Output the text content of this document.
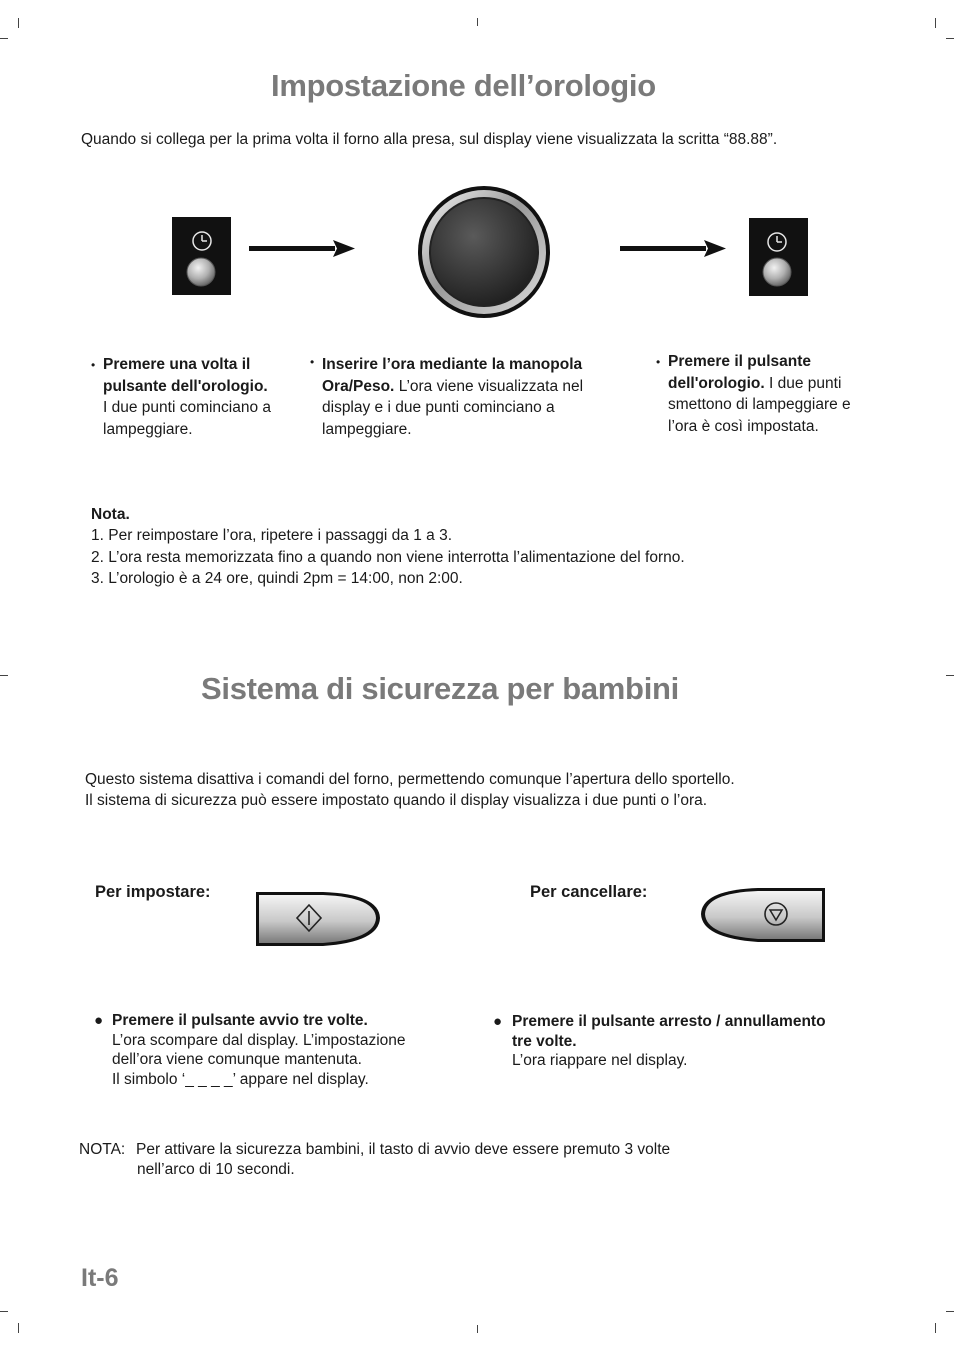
Impostazione dell’orologio
Quando si collega per la prima volta il forno alla presa, sul display viene visualizzata la scritta “88.88”.
• Premere una volta il pulsante dell'orologio.
I due punti cominciano a lampeggiare.
• Inserire l’ora mediante la manopola Ora/Peso. L’ora viene visualizzata nel display e i due punti cominciano a lampeggiare.
• Premere il pulsante dell'orologio. I due punti smettono di lampeggiare e l’ora è così impostata.
Nota.
1. Per reimpostare l’ora, ripetere i passaggi da 1 a 3.
2. L’ora resta memorizzata fino a quando non viene interrotta l’alimentazione del forno.
3. L’orologio è a 24 ore, quindi 2pm = 14:00, non 2:00.
Sistema di sicurezza per bambini
Questo sistema disattiva i comandi del forno, permettendo comunque l’apertura dello sportello.
Il sistema di sicurezza può essere impostato quando il display visualizza i due punti o l’ora.
Per impostare:	Per cancellare:
● Premere il pulsante avvio tre volte.
L’ora scompare dal display. L’impostazione
dell’ora viene comunque mantenuta.
Il simbolo ‘_ _ _ _’ appare nel display.
● Premere il pulsante arresto / annullamento
tre volte.
L’ora riappare nel display.
NOTA: Per attivare la sicurezza bambini, il tasto di avvio deve essere premuto 3 volte
nell’arco di 10 secondi.
It-6
